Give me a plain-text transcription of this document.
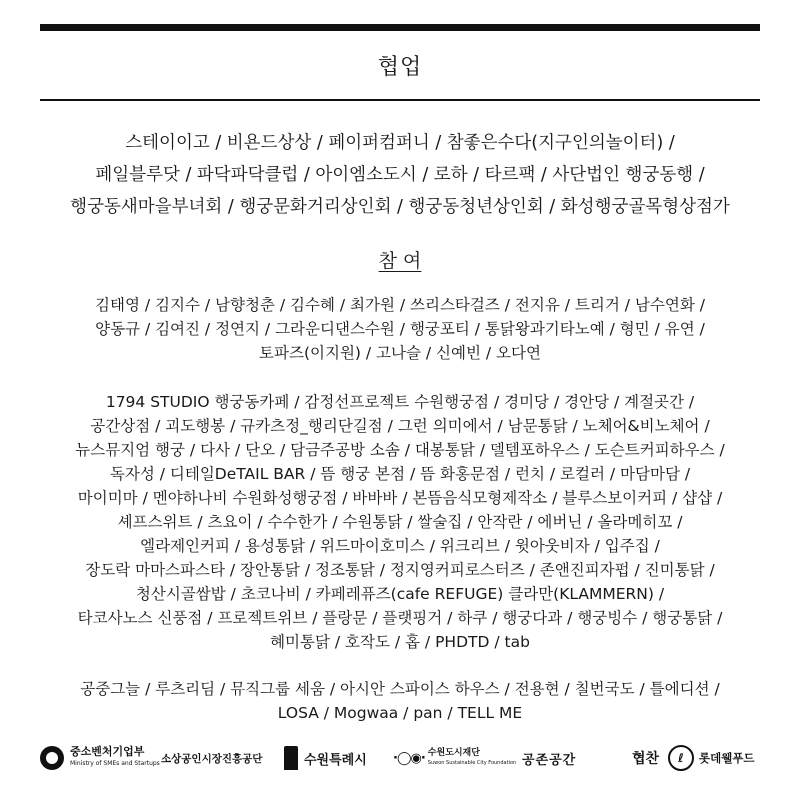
협업
스테이이고 / 비욘드상상 / 페이퍼컴퍼니 / 참좋은수다(지구인의놀이터) /
페일블루닷 / 파닥파닥클럽 / 아이엠소도시 / 로하 / 타르팩 / 사단법인 행궁동행 /
행궁동새마을부녀회 / 행궁문화거리상인회 / 행궁동청년상인회 / 화성행궁골목형상점가
참 여
김태영 / 김지수 / 남향청춘 / 김수혜 / 최가원 / 쓰리스타걸즈 / 전지유 / 트리거 / 남수연화 /
양동규 / 김여진 / 정연지 / 그라운디댄스수원 / 행궁포티 / 통닭왕과기타노예 / 형민 / 유연 /
토파즈(이지원) / 고나슬 / 신예빈 / 오다연
1794 STUDIO 행궁동카페 / 감정선프로젝트 수원행궁점 / 경미당 / 경안당 / 계절곳간 /
공간상점 / 괴도행봉 / 규카츠정_행리단길점 / 그런 의미에서 / 남문통닭 / 노체어&비노체어 /
뉴스뮤지엄 행궁 / 다사 / 단오 / 담금주공방 소솜 / 대봉통닭 / 델템포하우스 / 도슨트커피하우스 /
독자성 / 디테일DeTAIL BAR / 뜸 행궁 본점 / 뜸 화홍문점 / 런치 / 로컬러 / 마담마담 /
마이미마 / 멘야하나비 수원화성행궁점 / 바바바 / 본뜸음식모형제작소 / 블루스보이커피 / 샵샵 /
셰프스위트 / 츠요이 / 수수한가 / 수원통닭 / 쌀술집 / 안작란 / 에버닌 / 올라메히꼬 /
엘라제인커피 / 용성통닭 / 위드마이호미스 / 위크리브 / 윗아웃비자 / 입주집 /
장도락 마마스파스타 / 장안통닭 / 정조통닭 / 정지영커피로스터즈 / 존앤진피자펍 / 진미통닭 /
청산시골쌈밥 / 초코나비 / 카페레퓨즈(cafe REFUGE) 클라만(KLAMMERN) /
타코사노스 신풍점 / 프로젝트위브 / 플랑문 / 플랫핑거 / 하쿠 / 행궁다과 / 행궁빙수 / 행궁통닭 /
혜미통닭 / 호작도 / 홉 / PHDTD / tab
공중그늘 / 루츠리딤 / 뮤직그룹 세움 / 아시안 스파이스 하우스 / 전용현 / 칠번국도 / 틀에디션 /
LOSA / Mogwaa / pan / TELL ME
중소벤처기업부
Ministry of SMEs and Startups 소상공인시장진흥공단	수원특례시 ·◯◉· 수원도시재단
Suwon Sustainable City Foundation 공존공간	협찬	ℓ	롯데웰푸드
